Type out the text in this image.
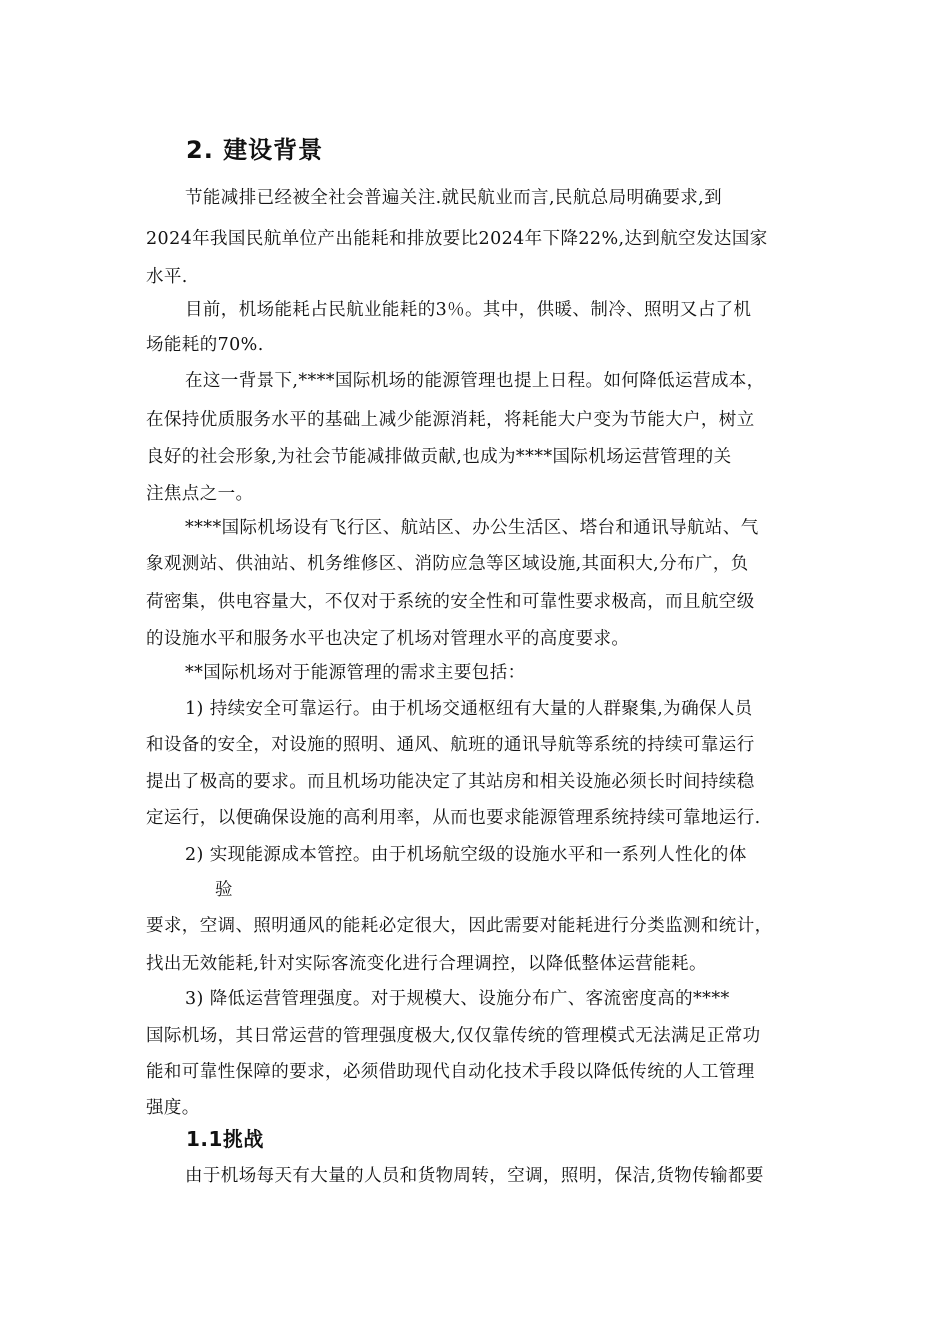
2. 建设背景
节能减排已经被全社会普遍关注.就民航业而言,民航总局明确要求,到
2024年我国民航单位产出能耗和排放要比2024年下降22%,达到航空发达国家
水平.
目前，机场能耗占民航业能耗的3％。其中，供暖、制冷、照明又占了机
场能耗的70%.
在这一背景下,****国际机场的能源管理也提上日程。如何降低运营成本，
在保持优质服务水平的基础上减少能源消耗，将耗能大户变为节能大户，树立
良好的社会形象,为社会节能减排做贡献,也成为****国际机场运营管理的关
注焦点之一。
****国际机场设有飞行区、航站区、办公生活区、塔台和通讯导航站、气
象观测站、供油站、机务维修区、消防应急等区域设施,其面积大,分布广，负
荷密集，供电容量大，不仅对于系统的安全性和可靠性要求极高，而且航空级
的设施水平和服务水平也决定了机场对管理水平的高度要求。
**国际机场对于能源管理的需求主要包括：
1) 持续安全可靠运行。由于机场交通枢纽有大量的人群聚集,为确保人员
和设备的安全，对设施的照明、通风、航班的通讯导航等系统的持续可靠运行
提出了极高的要求。而且机场功能决定了其站房和相关设施必须长时间持续稳
定运行，以便确保设施的高利用率，从而也要求能源管理系统持续可靠地运行.
2) 实现能源成本管控。由于机场航空级的设施水平和一系列人性化的体
验
要求，空调、照明通风的能耗必定很大，因此需要对能耗进行分类监测和统计，
找出无效能耗,针对实际客流变化进行合理调控，以降低整体运营能耗。
3) 降低运营管理强度。对于规模大、设施分布广、客流密度高的****
国际机场，其日常运营的管理强度极大,仅仅靠传统的管理模式无法满足正常功
能和可靠性保障的要求，必须借助现代自动化技术手段以降低传统的人工管理
强度。
1.1挑战
由于机场每天有大量的人员和货物周转，空调，照明，保洁,货物传输都要
